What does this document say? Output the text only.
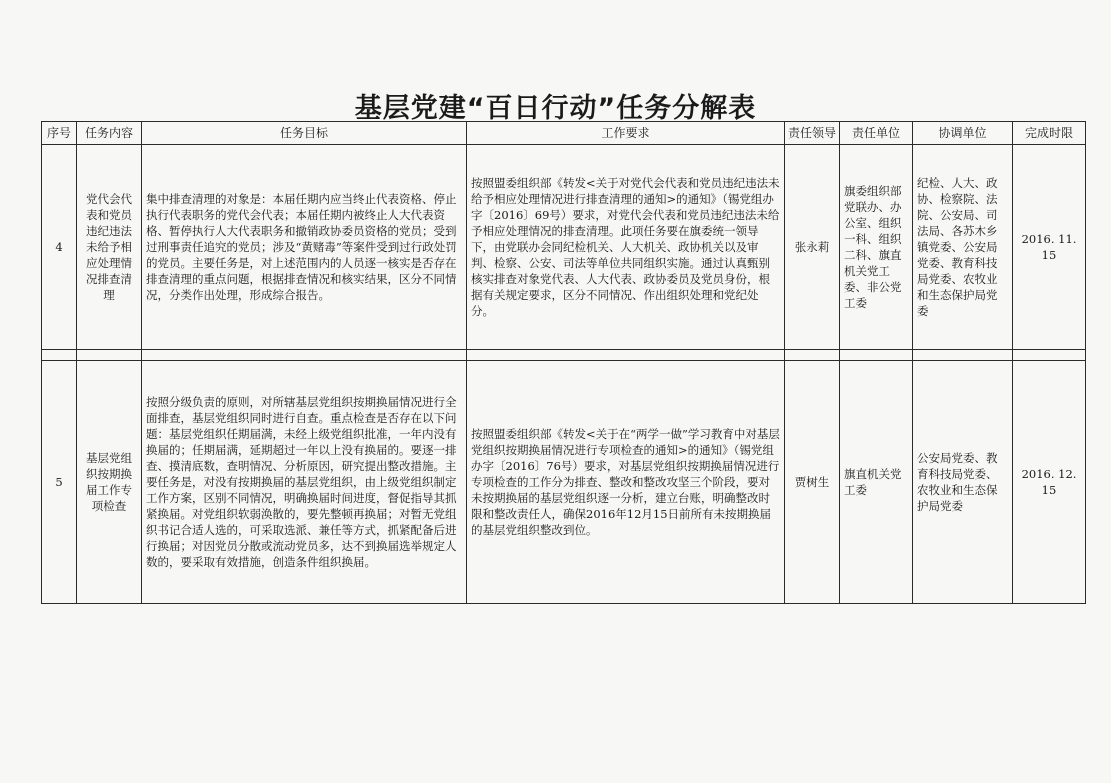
基层党建“百日行动”任务分解表
序号	任务内容	任务目标	工作要求	责任领导	责任单位	协调单位	完成时限
4	党代会代表和党员违纪违法未给予相应处理情况排查清理	集中排查清理的对象是：本届任期内应当终止代表资格、停止执行代表职务的党代会代表；本届任期内被终止人大代表资格、暂停执行人大代表职务和撤销政协委员资格的党员；受到过刑事责任追究的党员；涉及“黄赌毒”等案件受到过行政处罚的党员。主要任务是，对上述范围内的人员逐一核实是否存在排查清理的重点问题，根据排查情况和核实结果，区分不同情况，分类作出处理，形成综合报告。	按照盟委组织部《转发<关于对党代会代表和党员违纪违法未给予相应处理情况进行排查清理的通知>的通知》（锡党组办字〔2016〕69号）要求，对党代会代表和党员违纪违法未给予相应处理情况的排查清理。此项任务要在旗委统一领导下，由党联办会同纪检机关、人大机关、政协机关以及审判、检察、公安、司法等单位共同组织实施。通过认真甄别核实排查对象党代表、人大代表、政协委员及党员身份，根据有关规定要求，区分不同情况、作出组织处理和党纪处分。	张永莉	旗委组织部党联办、办公室、组织一科、组织二科、旗直机关党工委、非公党工委	纪检、人大、政协、检察院、法院、公安局、司法局、各苏木乡镇党委、公安局党委、教育科技局党委、农牧业和生态保护局党委	2016. 11. 15

5	基层党组织按期换届工作专项检查	按照分级负责的原则，对所辖基层党组织按期换届情况进行全面排查，基层党组织同时进行自查。重点检查是否存在以下问题：基层党组织任期届满，未经上级党组织批准，一年内没有换届的；任期届满，延期超过一年以上没有换届的。要逐一排查、摸清底数，查明情况、分析原因，研究提出整改措施。主要任务是，对没有按期换届的基层党组织，由上级党组织制定工作方案，区别不同情况，明确换届时间进度，督促指导其抓紧换届。对党组织软弱涣散的，要先整顿再换届；对暂无党组织书记合适人选的，可采取选派、兼任等方式，抓紧配备后进行换届；对因党员分散或流动党员多，达不到换届选举规定人数的，要采取有效措施，创造条件组织换届。	按照盟委组织部《转发<关于在“两学一做”学习教育中对基层党组织按期换届情况进行专项检查的通知>的通知》（锡党组办字〔2016〕76号）要求，对基层党组织按期换届情况进行专项检查的工作分为排查、整改和整改攻坚三个阶段，要对未按期换届的基层党组织逐一分析，建立台账，明确整改时限和整改责任人，确保2016年12月15日前所有未按期换届的基层党组织整改到位。	贾树生	旗直机关党工委	公安局党委、教育科技局党委、农牧业和生态保护局党委	2016. 12. 15
